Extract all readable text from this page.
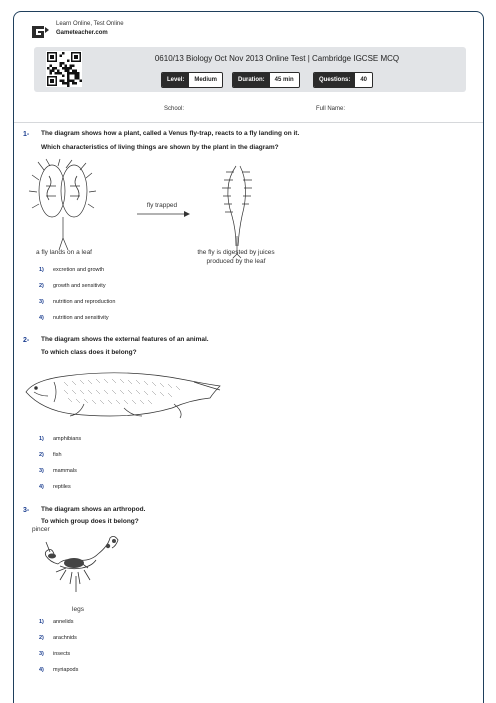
Learn Online, Test Online
Gameteacher.com
0610/13 Biology Oct Nov 2013 Online Test | Cambridge IGCSE MCQ
Level:	Medium	Duration:	45 min	Questions:	40
School:	Full Name:
1- The diagram shows how a plant, called a Venus fly-trap, reacts to a fly landing on it.
Which characteristics of living things are shown by the plant in the diagram?
fly trapped
a fly lands on a leaf	the fly is digested by juices
produced by the leaf
1) excretion and growth
2) growth and sensitivity
3) nutrition and reproduction
4) nutrition and sensitivity
2- The diagram shows the external features of an animal.
To which class does it belong?
1) amphibians
2) fish
3) mammals
4) reptiles
3- The diagram shows an arthropod.
To which group does it belong?
pincer
legs
1) annelids
2) arachnids
3) insects
4) myriapods
